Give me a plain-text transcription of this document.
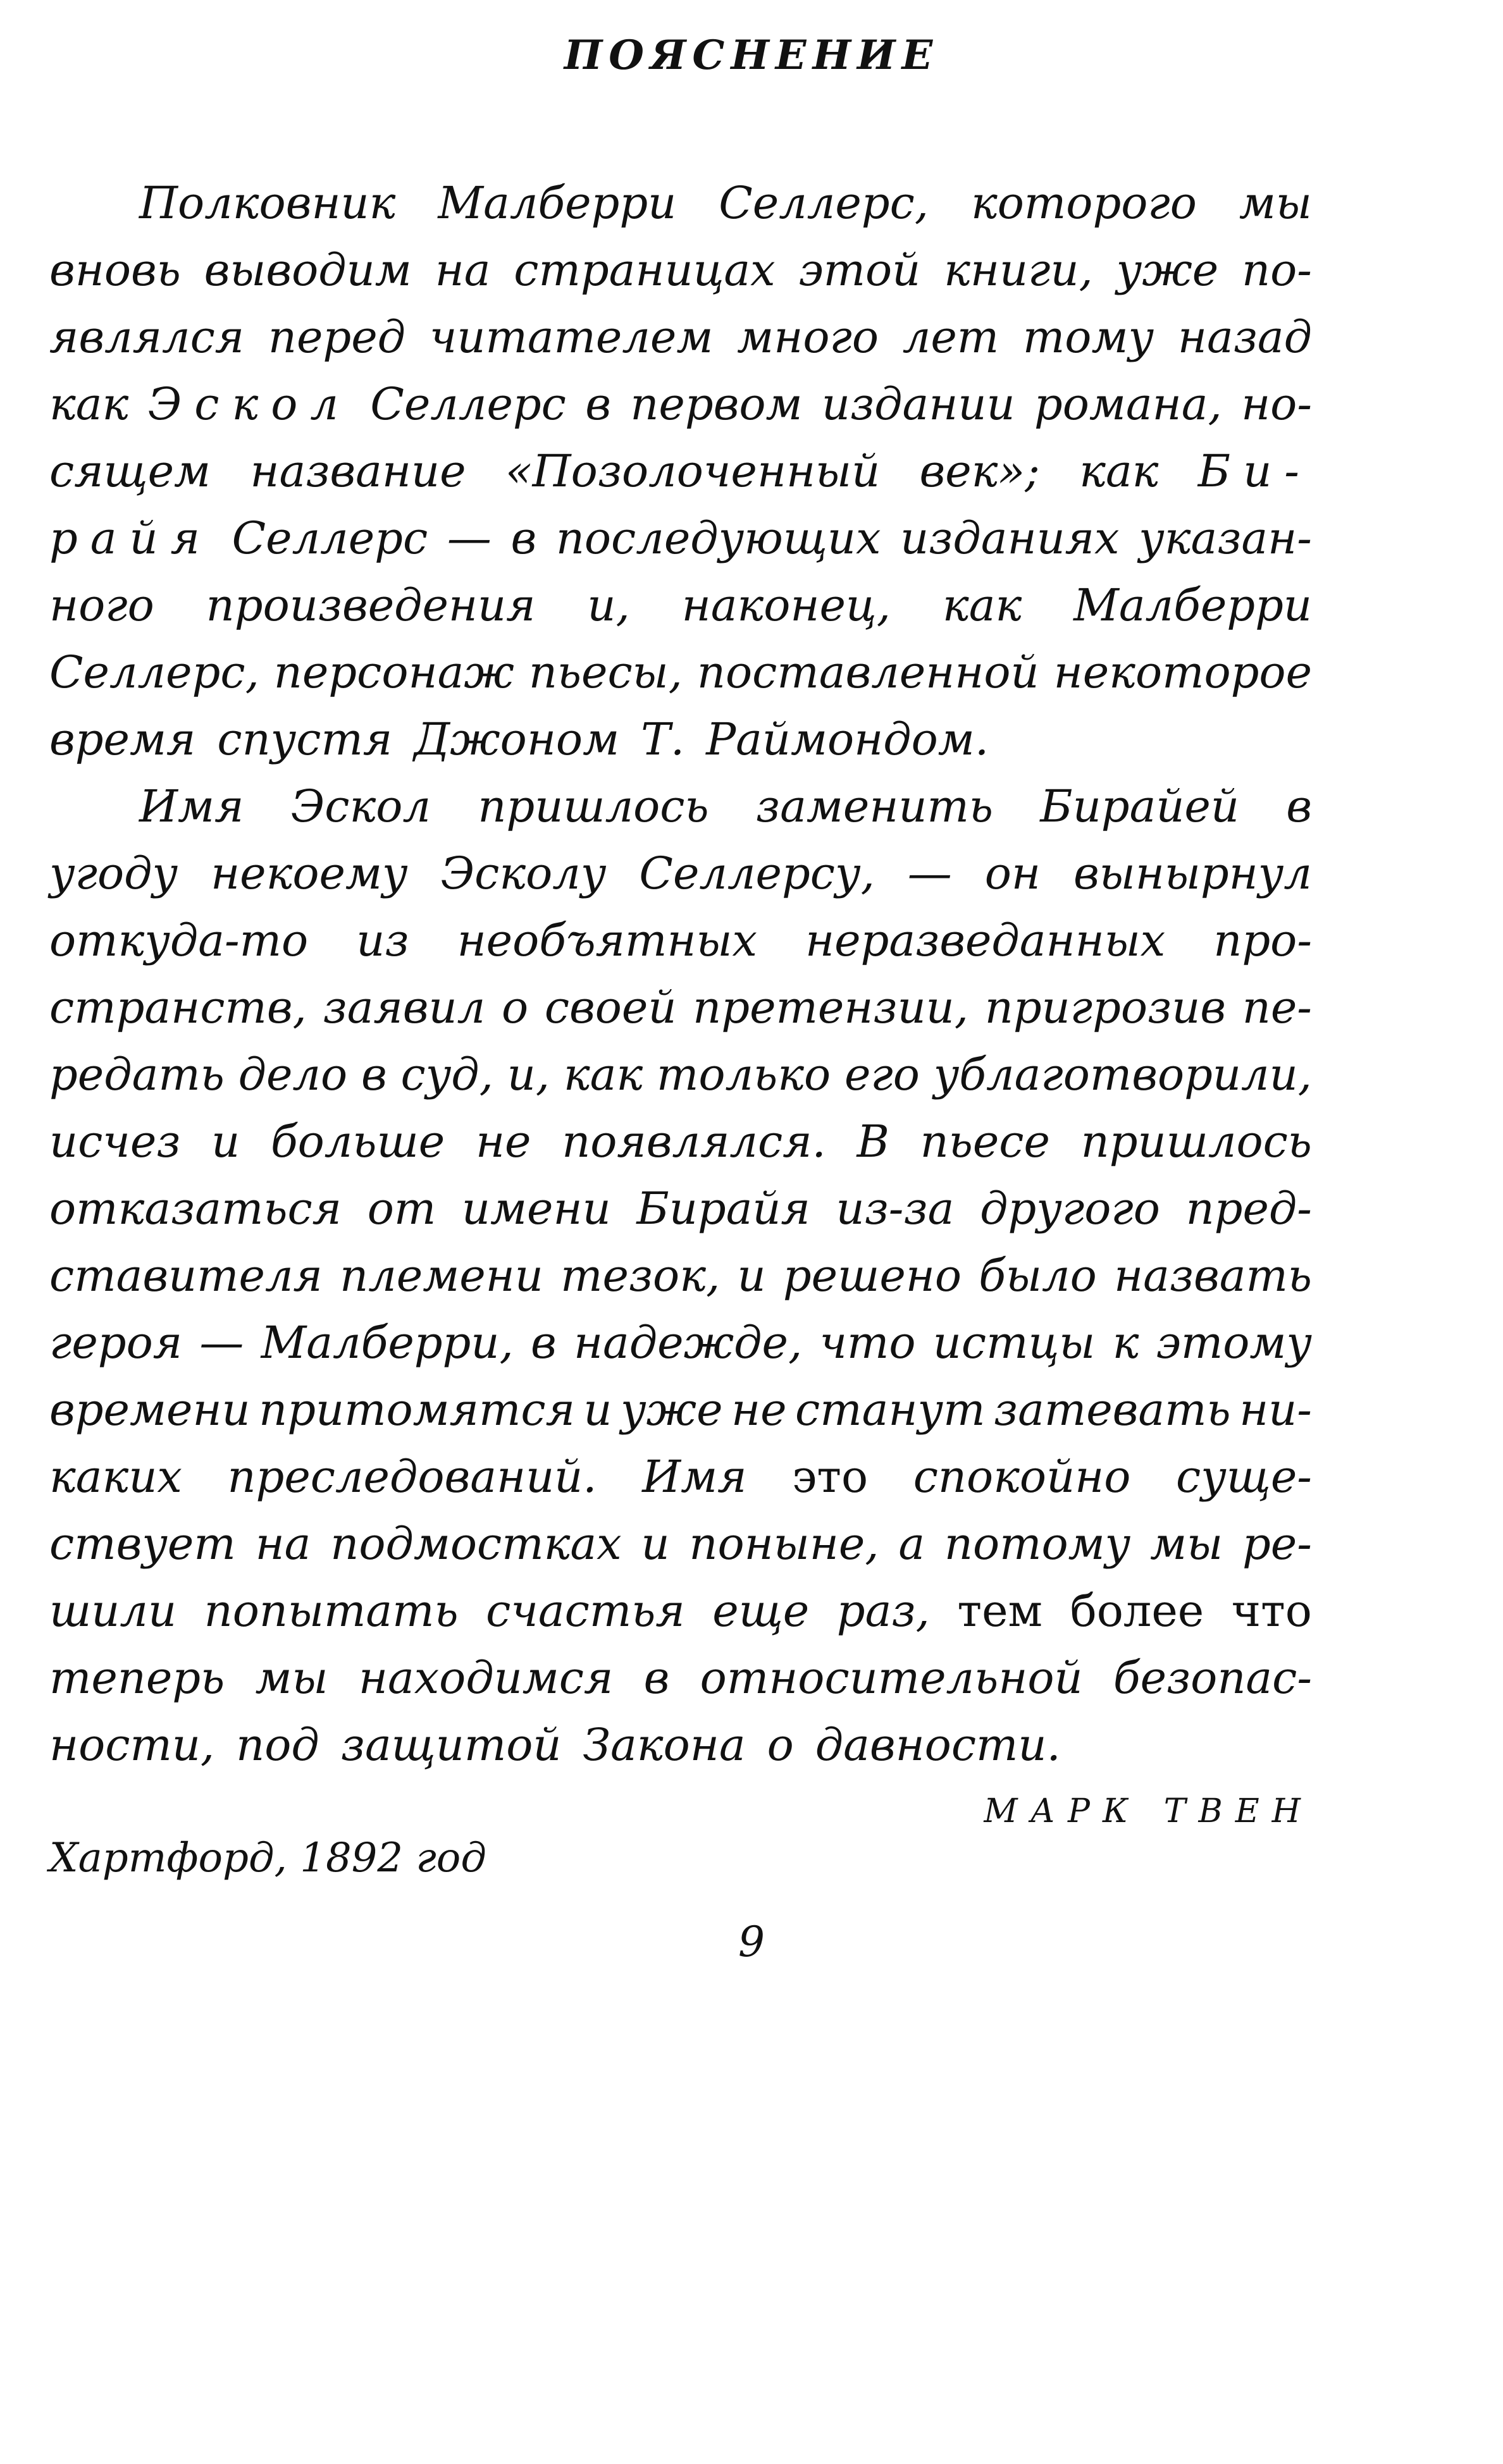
ПОЯСНЕНИЕ
Полковник Малберри Селлерс, которого мы
вновь выводим на страницах этой книги, уже по-
являлся перед читателем много лет тому назад
как Эскол Селлерс в первом издании романа, но-
сящем название «Позолоченный век»; как Би-
райя Селлерс — в последующих изданиях указан-
ного произведения и, наконец, как Малберри
Селлерс, персонаж пьесы, поставленной некоторое
время спустя Джоном Т. Раймондом.
Имя Эскол пришлось заменить Бирайей в
угоду некоему Эсколу Селлерсу, — он вынырнул
откуда-то из необъятных неразведанных про-
странств, заявил о своей претензии, пригрозив пе-
редать дело в суд, и, как только его ублаготворили,
исчез и больше не появлялся. В пьесе пришлось
отказаться от имени Бирайя из-за другого пред-
ставителя племени тезок, и решено было назвать
героя — Малберри, в надежде, что истцы к этому
времени притомятся и уже не станут затевать ни-
каких преследований. Имя это спокойно суще-
ствует на подмостках и поныне, а потому мы ре-
шили попытать счастья еще раз, тем более что
теперь мы находимся в относительной безопас-
ности, под защитой Закона о давности.
МАРК ТВЕН
Хартфорд, 1892 год
9
